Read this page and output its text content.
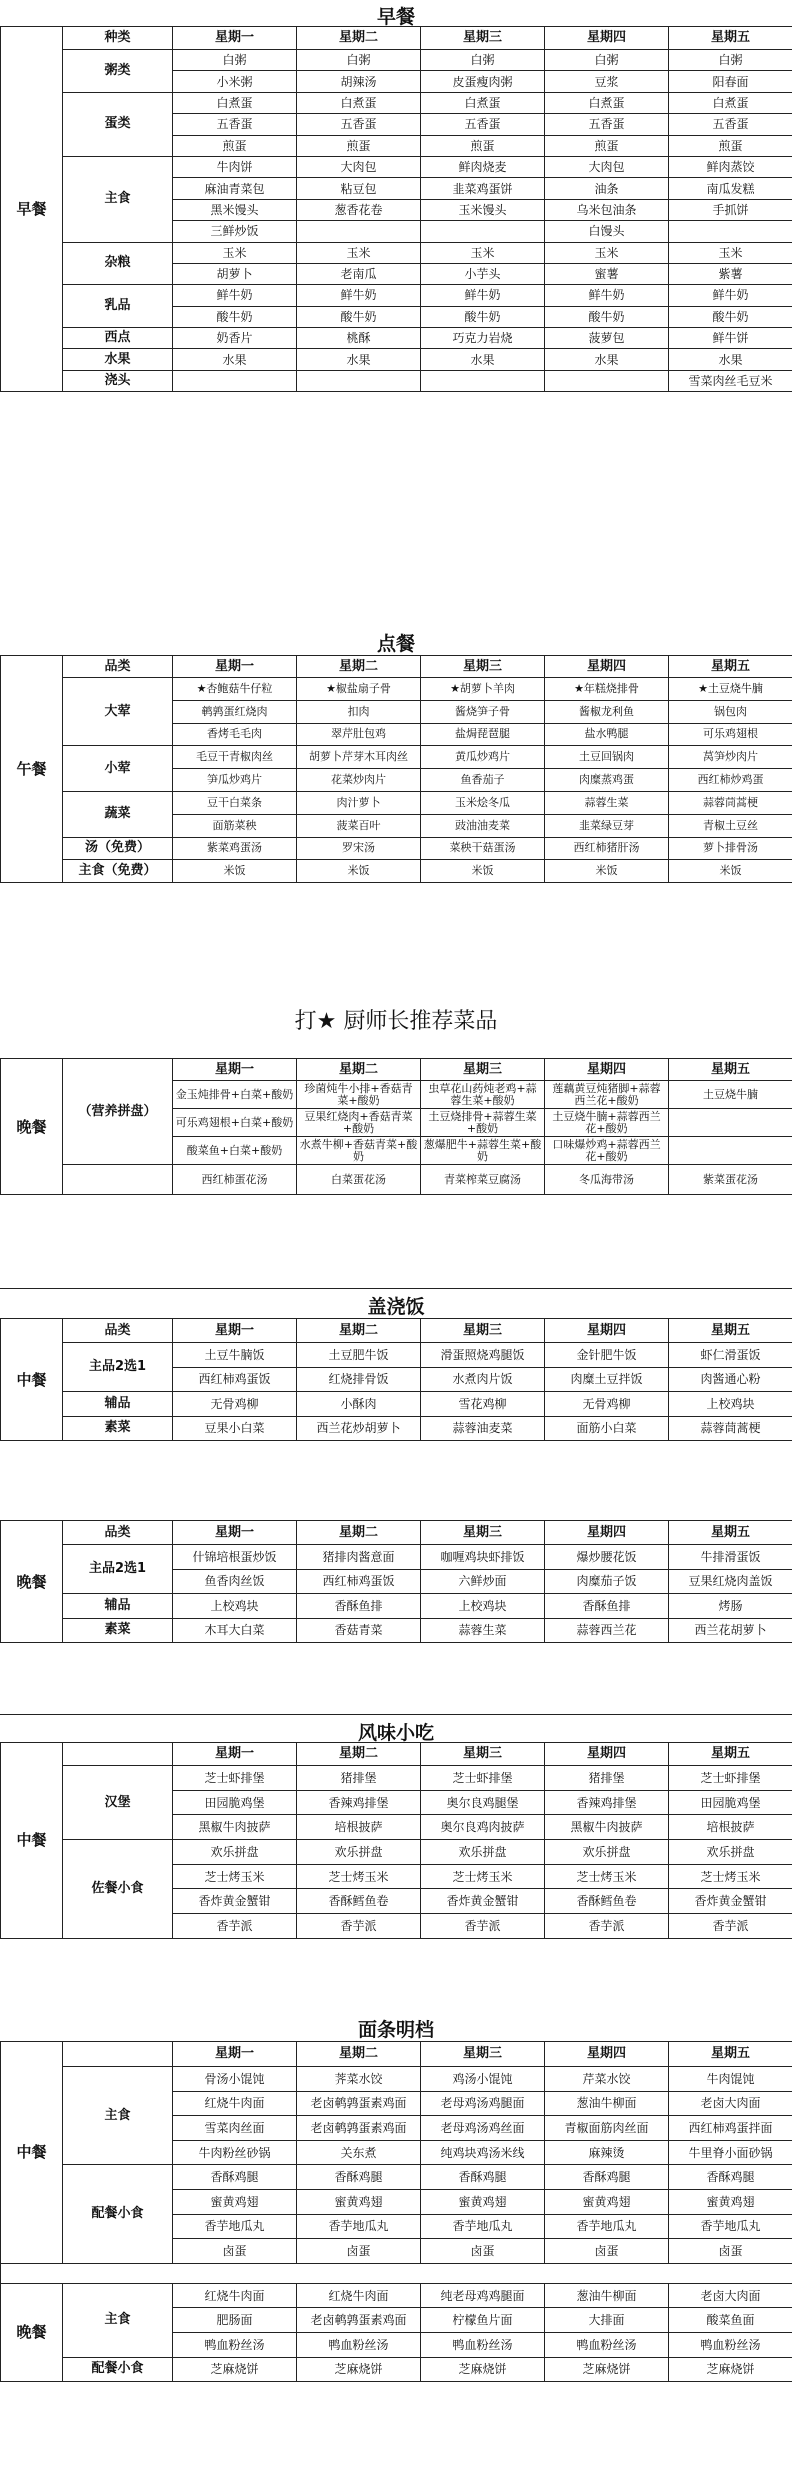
早餐
早餐	种类	星期一	星期二	星期三	星期四	星期五
	粥类	白粥	白粥	白粥	白粥	白粥
		小米粥	胡辣汤	皮蛋瘦肉粥	豆浆	阳春面
	蛋类	白煮蛋	白煮蛋	白煮蛋	白煮蛋	白煮蛋
		五香蛋	五香蛋	五香蛋	五香蛋	五香蛋
		煎蛋	煎蛋	煎蛋	煎蛋	煎蛋
	主食	牛肉饼	大肉包	鲜肉烧麦	大肉包	鲜肉蒸饺
		麻油青菜包	粘豆包	韭菜鸡蛋饼	油条	南瓜发糕
		黑米馒头	葱香花卷	玉米馒头	乌米包油条	手抓饼
		三鲜炒饭			白馒头	
	杂粮	玉米	玉米	玉米	玉米	玉米
		胡萝卜	老南瓜	小芋头	蜜薯	紫薯
	乳品	鲜牛奶	鲜牛奶	鲜牛奶	鲜牛奶	鲜牛奶
		酸牛奶	酸牛奶	酸牛奶	酸牛奶	酸牛奶
	西点	奶香片	桃酥	巧克力岩烧	菠萝包	鲜牛饼
	水果	水果	水果	水果	水果	水果
	浇头					雪菜肉丝毛豆米
点餐
午餐	品类	星期一	星期二	星期三	星期四	星期五
	大荤	★杏鲍菇牛仔粒	★椒盐扇子骨	★胡萝卜羊肉	★年糕烧排骨	★土豆烧牛腩
		鹌鹑蛋红烧肉	扣肉	酱烧笋子骨	酱椒龙利鱼	锅包肉
		香烤毛毛肉	翠芹肚包鸡	盐焗琵琶腿	盐水鸭腿	可乐鸡翅根
	小荤	毛豆干青椒肉丝	胡萝卜芹芽木耳肉丝	黄瓜炒鸡片	土豆回锅肉	莴笋炒肉片
		笋瓜炒鸡片	花菜炒肉片	鱼香茄子	肉糜蒸鸡蛋	西红柿炒鸡蛋
	蔬菜	豆干白菜条	肉汁萝卜	玉米烩冬瓜	蒜蓉生菜	蒜蓉茼蒿梗
		面筋菜秧	菠菜百叶	豉油油麦菜	韭菜绿豆芽	青椒土豆丝
	汤（免费）	紫菜鸡蛋汤	罗宋汤	菜秧干菇蛋汤	西红柿猪肝汤	萝卜排骨汤
	主食（免费）	米饭	米饭	米饭	米饭	米饭
打★ 厨师长推荐菜品
晚餐	（营养拼盘）	星期一	星期二	星期三	星期四	星期五
		金玉炖排骨+白菜+酸奶	珍菌炖牛小排+香菇青菜+酸奶	虫草花山药炖老鸡+蒜蓉生菜+酸奶	莲藕黄豆炖猪脚+蒜蓉西兰花+酸奶	土豆烧牛腩
		可乐鸡翅根+白菜+酸奶	豆果红烧肉+香菇青菜+酸奶	土豆烧排骨+蒜蓉生菜+酸奶	土豆烧牛腩+蒜蓉西兰花+酸奶	
		酸菜鱼+白菜+酸奶	水煮牛柳+香菇青菜+酸奶	葱爆肥牛+蒜蓉生菜+酸奶	口味爆炒鸡+蒜蓉西兰花+酸奶	
		西红柿蛋花汤	白菜蛋花汤	青菜榨菜豆腐汤	冬瓜海带汤	紫菜蛋花汤
盖浇饭
中餐	品类	星期一	星期二	星期三	星期四	星期五
	主品2选1	土豆牛腩饭	土豆肥牛饭	滑蛋照烧鸡腿饭	金针肥牛饭	虾仁滑蛋饭
		西红柿鸡蛋饭	红烧排骨饭	水煮肉片饭	肉糜土豆拌饭	肉酱通心粉
	辅品	无骨鸡柳	小酥肉	雪花鸡柳	无骨鸡柳	上校鸡块
	素菜	豆果小白菜	西兰花炒胡萝卜	蒜蓉油麦菜	面筋小白菜	蒜蓉茼蒿梗
晚餐	品类	星期一	星期二	星期三	星期四	星期五
	主品2选1	什锦培根蛋炒饭	猪排肉酱意面	咖喱鸡块虾排饭	爆炒腰花饭	牛排滑蛋饭
		鱼香肉丝饭	西红柿鸡蛋饭	六鲜炒面	肉糜茄子饭	豆果红烧肉盖饭
	辅品	上校鸡块	香酥鱼排	上校鸡块	香酥鱼排	烤肠
	素菜	木耳大白菜	香菇青菜	蒜蓉生菜	蒜蓉西兰花	西兰花胡萝卜
风味小吃
中餐		星期一	星期二	星期三	星期四	星期五
	汉堡	芝士虾排堡	猪排堡	芝士虾排堡	猪排堡	芝士虾排堡
		田园脆鸡堡	香辣鸡排堡	奥尔良鸡腿堡	香辣鸡排堡	田园脆鸡堡
		黑椒牛肉披萨	培根披萨	奥尔良鸡肉披萨	黑椒牛肉披萨	培根披萨
	佐餐小食	欢乐拼盘	欢乐拼盘	欢乐拼盘	欢乐拼盘	欢乐拼盘
		芝士烤玉米	芝士烤玉米	芝士烤玉米	芝士烤玉米	芝士烤玉米
		香炸黄金蟹钳	香酥鳕鱼卷	香炸黄金蟹钳	香酥鳕鱼卷	香炸黄金蟹钳
		香芋派	香芋派	香芋派	香芋派	香芋派
面条明档
中餐		星期一	星期二	星期三	星期四	星期五
	主食	骨汤小馄饨	荠菜水饺	鸡汤小馄饨	芹菜水饺	牛肉馄饨
		红烧牛肉面	老卤鹌鹑蛋素鸡面	老母鸡汤鸡腿面	葱油牛柳面	老卤大肉面
		雪菜肉丝面	老卤鹌鹑蛋素鸡面	老母鸡汤鸡丝面	青椒面筋肉丝面	西红柿鸡蛋拌面
		牛肉粉丝砂锅	关东煮	纯鸡块鸡汤米线	麻辣烫	牛里脊小面砂锅
	配餐小食	香酥鸡腿	香酥鸡腿	香酥鸡腿	香酥鸡腿	香酥鸡腿
		蜜黄鸡翅	蜜黄鸡翅	蜜黄鸡翅	蜜黄鸡翅	蜜黄鸡翅
		香芋地瓜丸	香芋地瓜丸	香芋地瓜丸	香芋地瓜丸	香芋地瓜丸
		卤蛋	卤蛋	卤蛋	卤蛋	卤蛋

晚餐	主食	红烧牛肉面	红烧牛肉面	纯老母鸡鸡腿面	葱油牛柳面	老卤大肉面
		肥肠面	老卤鹌鹑蛋素鸡面	柠檬鱼片面	大排面	酸菜鱼面
		鸭血粉丝汤	鸭血粉丝汤	鸭血粉丝汤	鸭血粉丝汤	鸭血粉丝汤
	配餐小食	芝麻烧饼	芝麻烧饼	芝麻烧饼	芝麻烧饼	芝麻烧饼
